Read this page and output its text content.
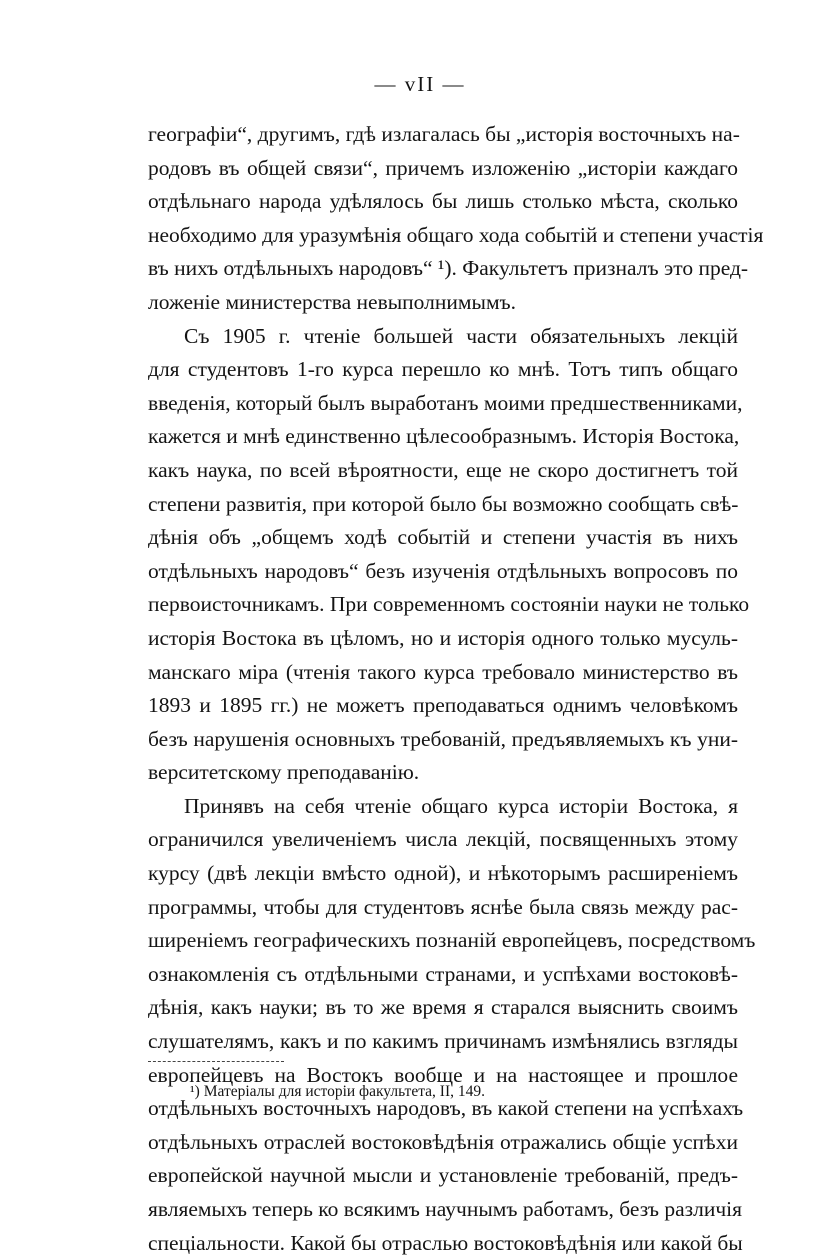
— vII —
географіи“, другимъ, гдѣ излагалась бы „исторія восточныхъ на-
родовъ въ общей связи“, причемъ изложенію „исторіи каждаго
отдѣльнаго народа удѣлялось бы лишь столько мѣста, сколько
необходимо для уразумѣнія общаго хода событій и степени участія
въ нихъ отдѣльныхъ народовъ“ ¹). Факультетъ призналъ это пред-
ложеніе министерства невыполнимымъ.
Съ 1905 г. чтеніе большей части обязательныхъ лекцій
для студентовъ 1-го курса перешло ко мнѣ. Тотъ типъ общаго
введенія, который былъ выработанъ моими предшественниками,
кажется и мнѣ единственно цѣлесообразнымъ. Исторія Востока,
какъ наука, по всей вѣроятности, еще не скоро достигнетъ той
степени развитія, при которой было бы возможно сообщать свѣ-
дѣнія объ „общемъ ходѣ событій и степени участія въ нихъ
отдѣльныхъ народовъ“ безъ изученія отдѣльныхъ вопросовъ по
первоисточникамъ. При современномъ состояніи науки не только
исторія Востока въ цѣломъ, но и исторія одного только мусуль-
манскаго міра (чтенія такого курса требовало министерство въ
1893 и 1895 гг.) не можетъ преподаваться однимъ человѣкомъ
безъ нарушенія основныхъ требованій, предъявляемыхъ къ уни-
верситетскому преподаванію.
Принявъ на себя чтеніе общаго курса исторіи Востока, я
ограничился увеличеніемъ числа лекцій, посвященныхъ этому
курсу (двѣ лекціи вмѣсто одной), и нѣкоторымъ расширеніемъ
программы, чтобы для студентовъ яснѣе была связь между рас-
ширеніемъ географическихъ познаній европейцевъ, посредствомъ
ознакомленія съ отдѣльными странами, и успѣхами востоковѣ-
дѣнія, какъ науки; въ то же время я старался выяснить своимъ
слушателямъ, какъ и по какимъ причинамъ измѣнялись взгляды
европейцевъ на Востокъ вообще и на настоящее и прошлое
отдѣльныхъ восточныхъ народовъ, въ какой степени на успѣхахъ
отдѣльныхъ отраслей востоковѣдѣнія отражались общіе успѣхи
европейской научной мысли и установленіе требованій, предъ-
являемыхъ теперь ко всякимъ научнымъ работамъ, безъ различія
спеціальности. Какой бы отраслью востоковѣдѣнія или какой бы
¹) Матеріалы для исторіи факультета, II, 149.
